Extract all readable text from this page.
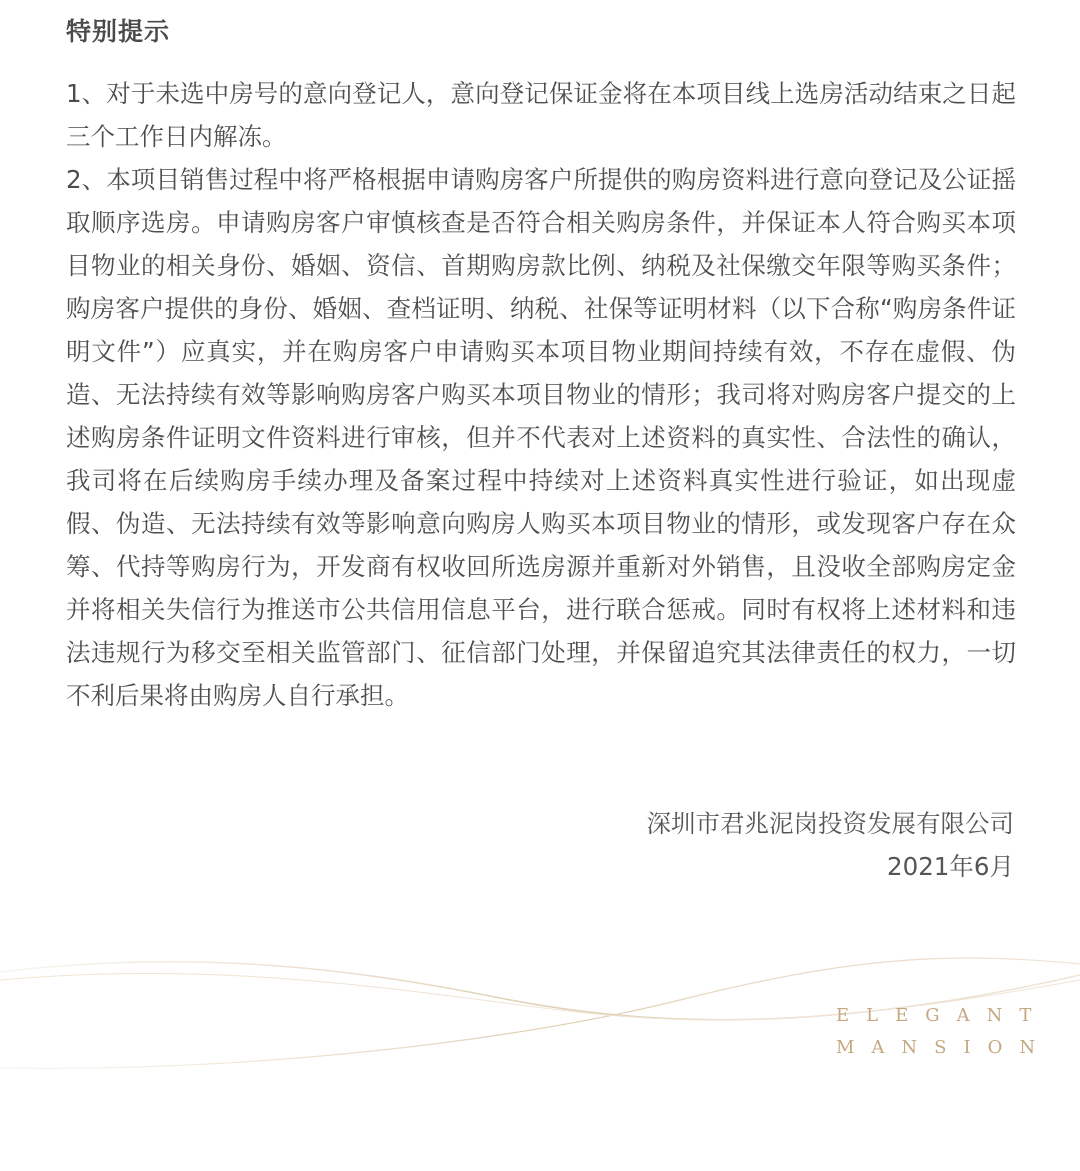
特别提示

1、对于未选中房号的意向登记人，意向登记保证金将在本项目线上选房活动结束之日起三个工作日内解冻。

2、本项目销售过程中将严格根据申请购房客户所提供的购房资料进行意向登记及公证摇取顺序选房。申请购房客户审慎核查是否符合相关购房条件，并保证本人符合购买本项目物业的相关身份、婚姻、资信、首期购房款比例、纳税及社保缴交年限等购买条件；购房客户提供的身份、婚姻、查档证明、纳税、社保等证明材料（以下合称“购房条件证明文件”）应真实，并在购房客户申请购买本项目物业期间持续有效，不存在虚假、伪造、无法持续有效等影响购房客户购买本项目物业的情形；我司将对购房客户提交的上述购房条件证明文件资料进行审核，但并不代表对上述资料的真实性、合法性的确认，我司将在后续购房手续办理及备案过程中持续对上述资料真实性进行验证，如出现虚假、伪造、无法持续有效等影响意向购房人购买本项目物业的情形，或发现客户存在众筹、代持等购房行为，开发商有权收回所选房源并重新对外销售，且没收全部购房定金并将相关失信行为推送市公共信用信息平台，进行联合惩戒。同时有权将上述材料和违法违规行为移交至相关监管部门、征信部门处理，并保留追究其法律责任的权力，一切不利后果将由购房人自行承担。

深圳市君兆泥岗投资发展有限公司
2021年6月
ELEGANT
MANSION
